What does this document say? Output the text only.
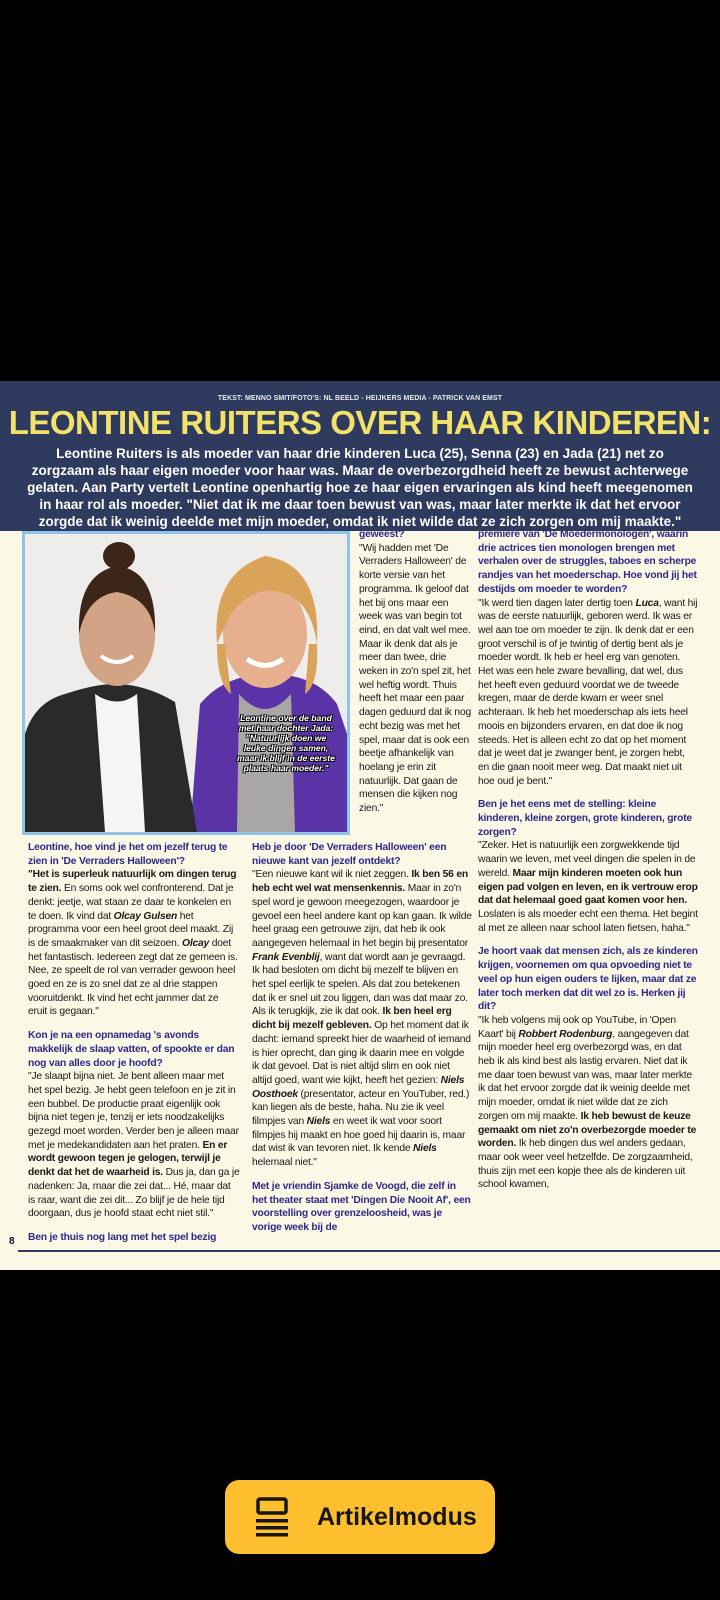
TEKST: MENNO SMIT/FOTO'S: NL BEELD - HEIJKERS MEDIA - PATRICK VAN EMST
LEONTINE RUITERS OVER HAAR KINDEREN:
Leontine Ruiters is als moeder van haar drie kinderen Luca (25), Senna (23) en Jada (21) net zo zorgzaam als haar eigen moeder voor haar was. Maar de overbezorgdheid heeft ze bewust achterwege gelaten. Aan Party vertelt Leontine openhartig hoe ze haar eigen ervaringen als kind heeft meegenomen in haar rol als moeder. "Niet dat ik me daar toen bewust van was, maar later merkte ik dat het ervoor zorgde dat ik weinig deelde met mijn moeder, omdat ik niet wilde dat ze zich zorgen om mij maakte."
Leontine over de band met haar dochter Jada: "Natuurlijk doen we leuke dingen samen, maar ik blijf in de eerste plaats haar moeder."

Leontine, hoe vind je het om jezelf terug te zien in 'De Verraders Halloween'?

"Het is superleuk natuurlijk om dingen terug te zien. En soms ook wel confronterend. Dat je denkt: jeetje, wat staan ze daar te konkelen en te doen. Ik vind dat Olcay Gulsen het programma voor een heel groot deel maakt. Zij is de smaakmaker van dit seizoen. Olcay doet het fantastisch. Iedereen zegt dat ze gemeen is. Nee, ze speelt de rol van verrader gewoon heel goed en ze is zo snel dat ze al drie stappen vooruitdenkt. Ik vind het echt jammer dat ze eruit is gegaan."

Kon je na een opnamedag 's avonds makkelijk de slaap vatten, of spookte er dan nog van alles door je hoofd?

"Je slaapt bijna niet. Je bent alleen maar met het spel bezig. Je hebt geen telefoon en je zit in een bubbel. De productie praat eigenlijk ook bijna niet tegen je, tenzij er iets noodzakelijks gezegd moet worden. Verder ben je alleen maar met je medekandidaten aan het praten. En er wordt gewoon tegen je gelogen, terwijl je denkt dat het de waarheid is. Dus ja, dan ga je nadenken: Ja, maar die zei dat... Hé, maar dat is raar, want die zei dit... Zo blijf je de hele tijd doorgaan, dus je hoofd staat echt niet stil."

Ben je thuis nog lang met het spel bezig

geweest?

"Wij hadden met 'De Verraders Halloween' de korte versie van het programma. Ik geloof dat het bij ons maar een week was van begin tot eind, en dat valt wel mee. Maar ik denk dat als je meer dan twee, drie weken in zo'n spel zit, het wel heftig wordt. Thuis heeft het maar een paar dagen geduurd dat ik nog echt bezig was met het spel, maar dat is ook een beetje afhankelijk van hoelang je erin zit natuurlijk. Dat gaan de mensen die kijken nog zien."

Heb je door 'De Verraders Halloween' een nieuwe kant van jezelf ontdekt?

"Een nieuwe kant wil ik niet zeggen. Ik ben 56 en heb echt wel wat mensenkennis. Maar in zo'n spel word je gewoon meegezogen, waardoor je gevoel een heel andere kant op kan gaan. Ik wilde heel graag een getrouwe zijn, dat heb ik ook aangegeven helemaal in het begin bij presentator Frank Evenblij, want dat wordt aan je gevraagd. Ik had besloten om dicht bij mezelf te blijven en het spel eerlijk te spelen. Als dat zou betekenen dat ik er snel uit zou liggen, dan was dat maar zo. Als ik terugkijk, zie ik dat ook. Ik ben heel erg dicht bij mezelf gebleven. Op het moment dat ik dacht: iemand spreekt hier de waarheid of iemand is hier oprecht, dan ging ik daarin mee en volgde ik dat gevoel. Dat is niet altijd slim en ook niet altijd goed, want wie kijkt, heeft het gezien: Niels Oosthoek (presentator, acteur en YouTuber, red.) kan liegen als de beste, haha. Nu zie ik veel filmpjes van Niels en weet ik wat voor soort filmpjes hij maakt en hoe goed hij daarin is, maar dat wist ik van tevoren niet. Ik kende Niels helemaal niet."

Met je vriendin Sjamke de Voogd, die zelf in het theater staat met 'Dingen Die Nooit Af', een voorstelling over grenzeloosheid, was je vorige week bij de

première van 'De Moedermonologen', waarin drie actrices tien monologen brengen met verhalen over de struggles, taboes en scherpe randjes van het moederschap. Hoe vond jij het destijds om moeder te worden?

"Ik werd tien dagen later dertig toen Luca, want hij was de eerste natuurlijk, geboren werd. Ik was er wel aan toe om moeder te zijn. Ik denk dat er een groot verschil is of je twintig of dertig bent als je moeder wordt. Ik heb er heel erg van genoten. Het was een hele zware bevalling, dat wel, dus het heeft even geduurd voordat we de tweede kregen, maar de derde kwam er weer snel achteraan. Ik heb het moederschap als iets heel moois en bijzonders ervaren, en dat doe ik nog steeds. Het is alleen echt zo dat op het moment dat je weet dat je zwanger bent, je zorgen hebt, en die gaan nooit meer weg. Dat maakt niet uit hoe oud je bent."

Ben je het eens met de stelling: kleine kinderen, kleine zorgen, grote kinderen, grote zorgen?

"Zeker. Het is natuurlijk een zorgwekkende tijd waarin we leven, met veel dingen die spelen in de wereld. Maar mijn kinderen moeten ook hun eigen pad volgen en leven, en ik vertrouw erop dat dat helemaal goed gaat komen voor hen. Loslaten is als moeder echt een thema. Het begint al met ze alleen naar school laten fietsen, haha."

Je hoort vaak dat mensen zich, als ze kinderen krijgen, voornemen om qua opvoeding niet te veel op hun eigen ouders te lijken, maar dat ze later toch merken dat dit wel zo is. Herken jij dit?

"Ik heb volgens mij ook op YouTube, in 'Open Kaart' bij Robbert Rodenburg, aangegeven dat mijn moeder heel erg overbezorgd was, en dat heb ik als kind best als lastig ervaren. Niet dat ik me daar toen bewust van was, maar later merkte ik dat het ervoor zorgde dat ik weinig deelde met mijn moeder, omdat ik niet wilde dat ze zich zorgen om mij maakte. Ik heb bewust de keuze gemaakt om niet zo'n overbezorgde moeder te worden. Ik heb dingen dus wel anders gedaan, maar ook weer veel hetzelfde. De zorgzaamheid, thuis zijn met een kopje thee als de kinderen uit school kwamen,

8
Artikelmodus
